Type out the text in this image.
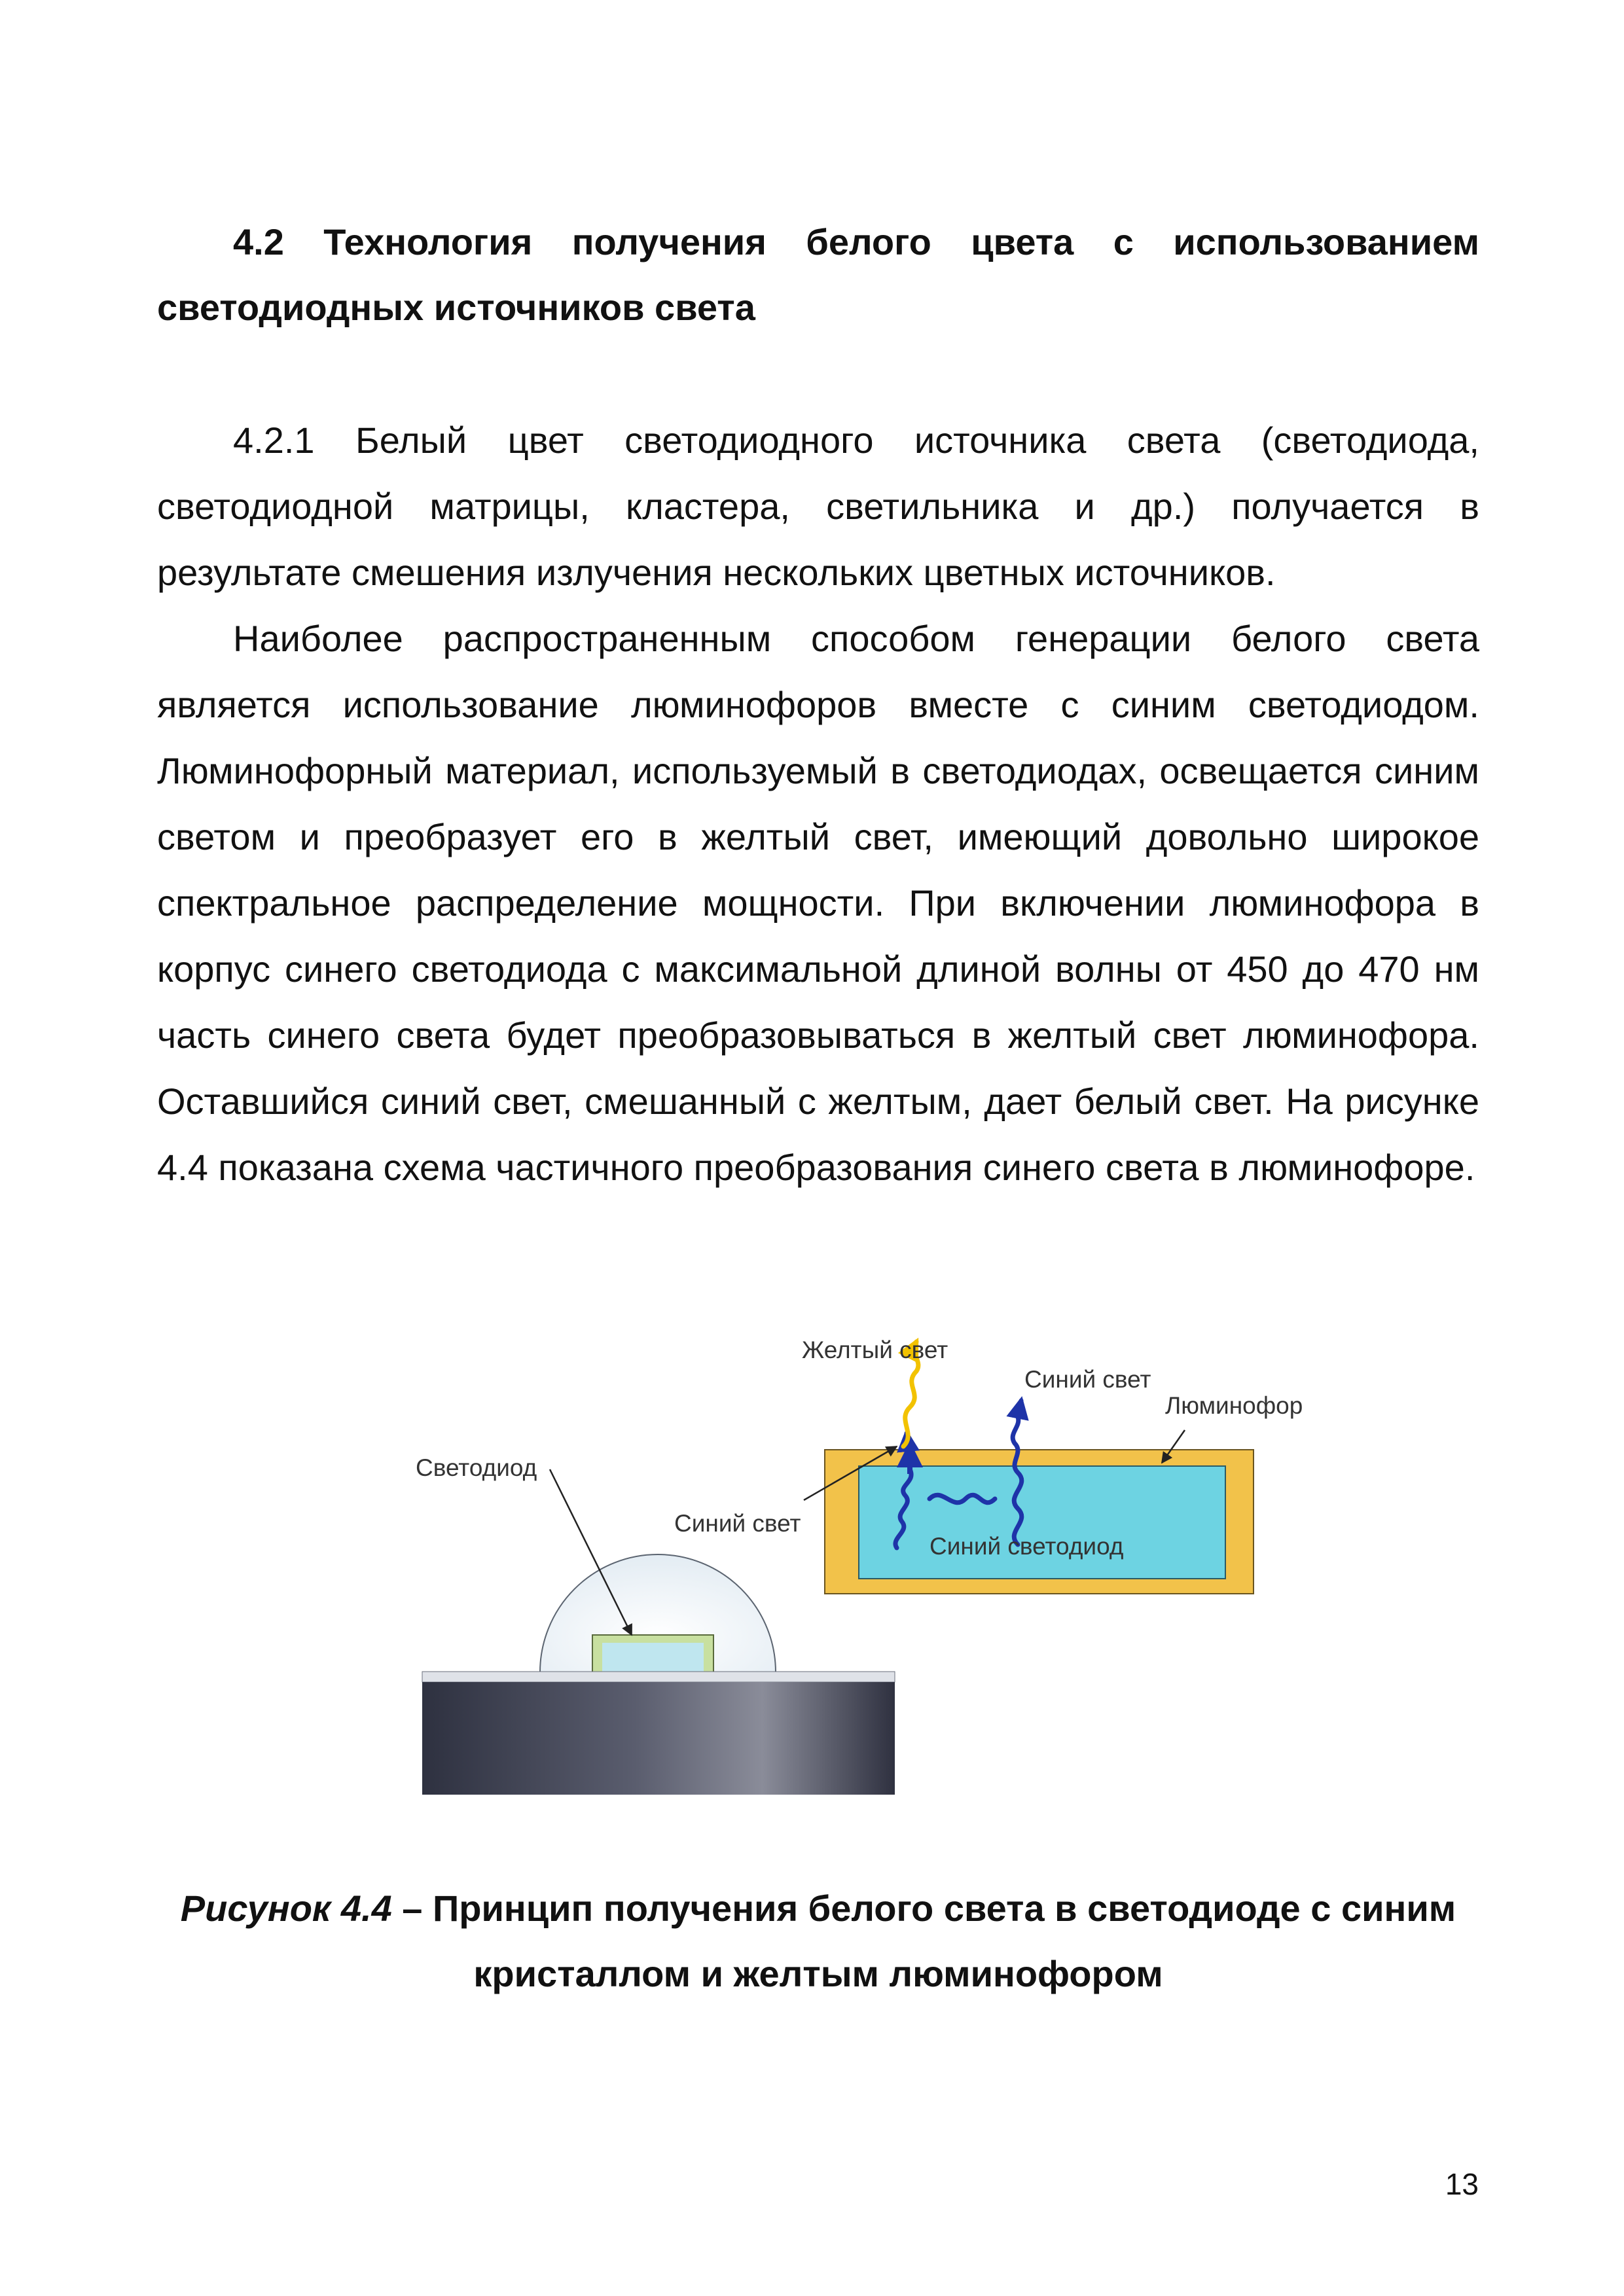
4.2 Технология получения белого цвета с использованием светодиодных источников света

4.2.1 Белый цвет светодиодного источника света (светодиода, светодиодной матрицы, кластера, светильника и др.) получается в результате смешения излучения нескольких цветных источников.

Наиболее распространенным способом генерации белого света является использование люминофоров вместе с синим светодиодом. Люминофорный материал, используемый в светодиодах, освещается синим светом и преобразует его в желтый свет, имеющий довольно широкое спектральное распределение мощности. При включении люминофора в корпус синего светодиода с максимальной длиной волны от 450 до 470 нм часть синего света будет преобразовываться в желтый свет люминофора. Оставшийся синий свет, смешанный с желтым, дает белый свет. На рисунке 4.4 показана схема частичного преобразования синего света в люминофоре.

Желтый свет
Синий свет
Люминофор
Светодиод
Синий свет
Синий светодиод

Рисунок 4.4 – Принцип получения белого света в светодиоде с синим кристаллом и желтым люминофором

13
